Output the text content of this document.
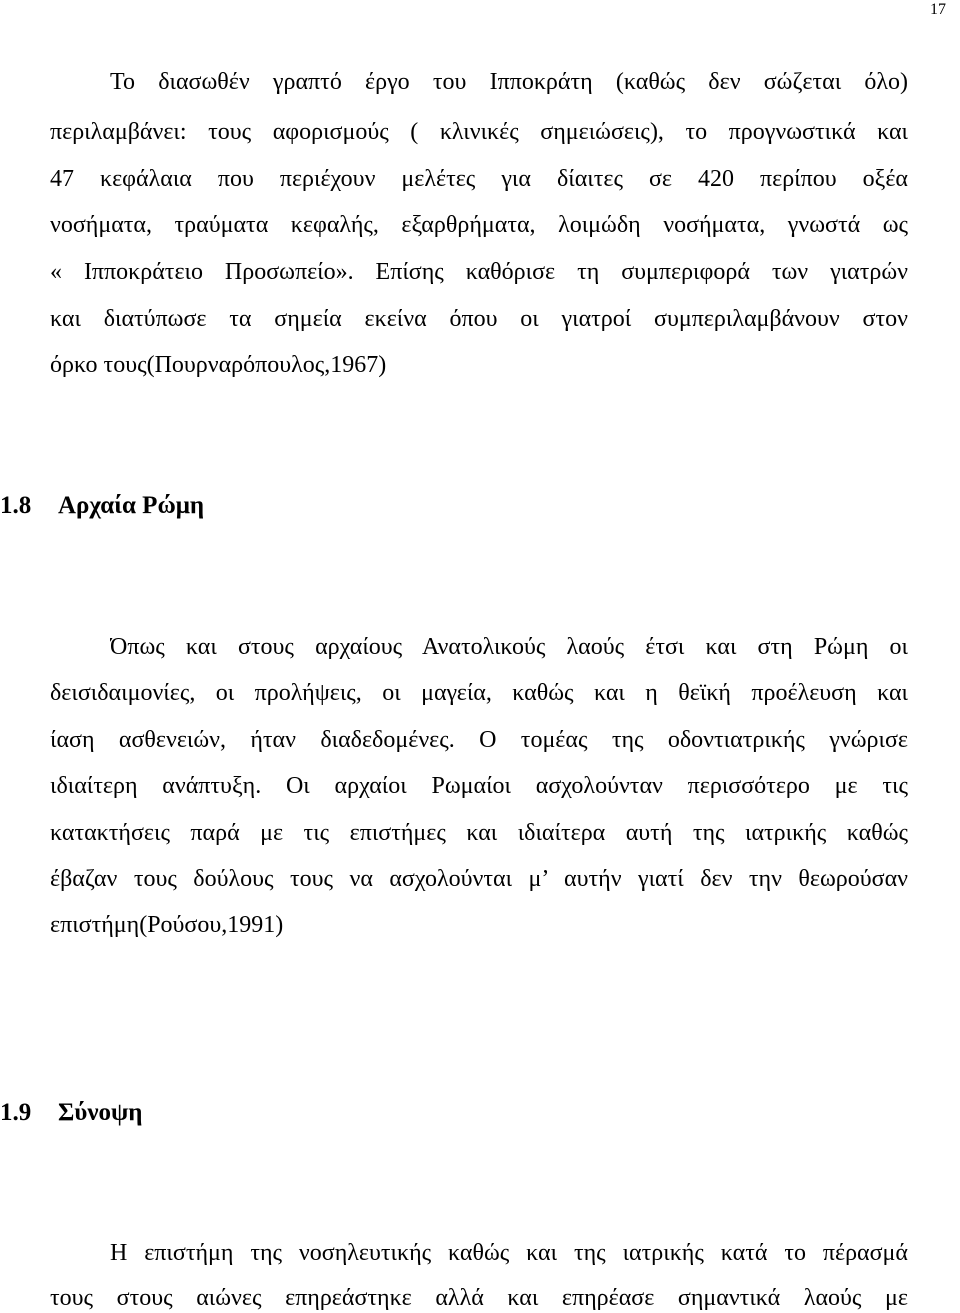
17
Το διασωθέν γραπτό έργο του Ιπποκράτη (καθώς δεν σώζεται όλο)
περιλαμβάνει: τους αφορισμούς ( κλινικές σημειώσεις), το προγνωστικά και
47 κεφάλαια που περιέχουν μελέτες για δίαιτες σε 420 περίπου οξέα
νοσήματα, τραύματα κεφαλής, εξαρθρήματα, λοιμώδη νοσήματα, γνωστά ως
« Ιπποκράτειο Προσωπείο». Επίσης καθόρισε τη συμπεριφορά των γιατρών
και διατύπωσε τα σημεία εκείνα όπου οι γιατροί συμπεριλαμβάνουν στον
όρκο τους(Πουρναρόπουλος,1967)
1.8 Αρχαία Ρώμη
Όπως και στους αρχαίους Ανατολικούς λαούς έτσι και στη Ρώμη οι
δεισιδαιμονίες, οι προλήψεις, οι μαγεία, καθώς και η θεϊκή προέλευση και
ίαση ασθενειών, ήταν διαδεδομένες. Ο τομέας της οδοντιατρικής γνώρισε
ιδιαίτερη ανάπτυξη. Οι αρχαίοι Ρωμαίοι ασχολούνταν περισσότερο με τις
κατακτήσεις παρά με τις επιστήμες και ιδιαίτερα αυτή της ιατρικής καθώς
έβαζαν τους δούλους τους να ασχολούνται μ’ αυτήν γιατί δεν την θεωρούσαν
επιστήμη(Ρούσου,1991)
1.9 Σύνοψη
Η επιστήμη της νοσηλευτικής καθώς και της ιατρικής κατά το πέρασμά
τους στους αιώνες επηρεάστηκε αλλά και επηρέασε σημαντικά λαούς με
